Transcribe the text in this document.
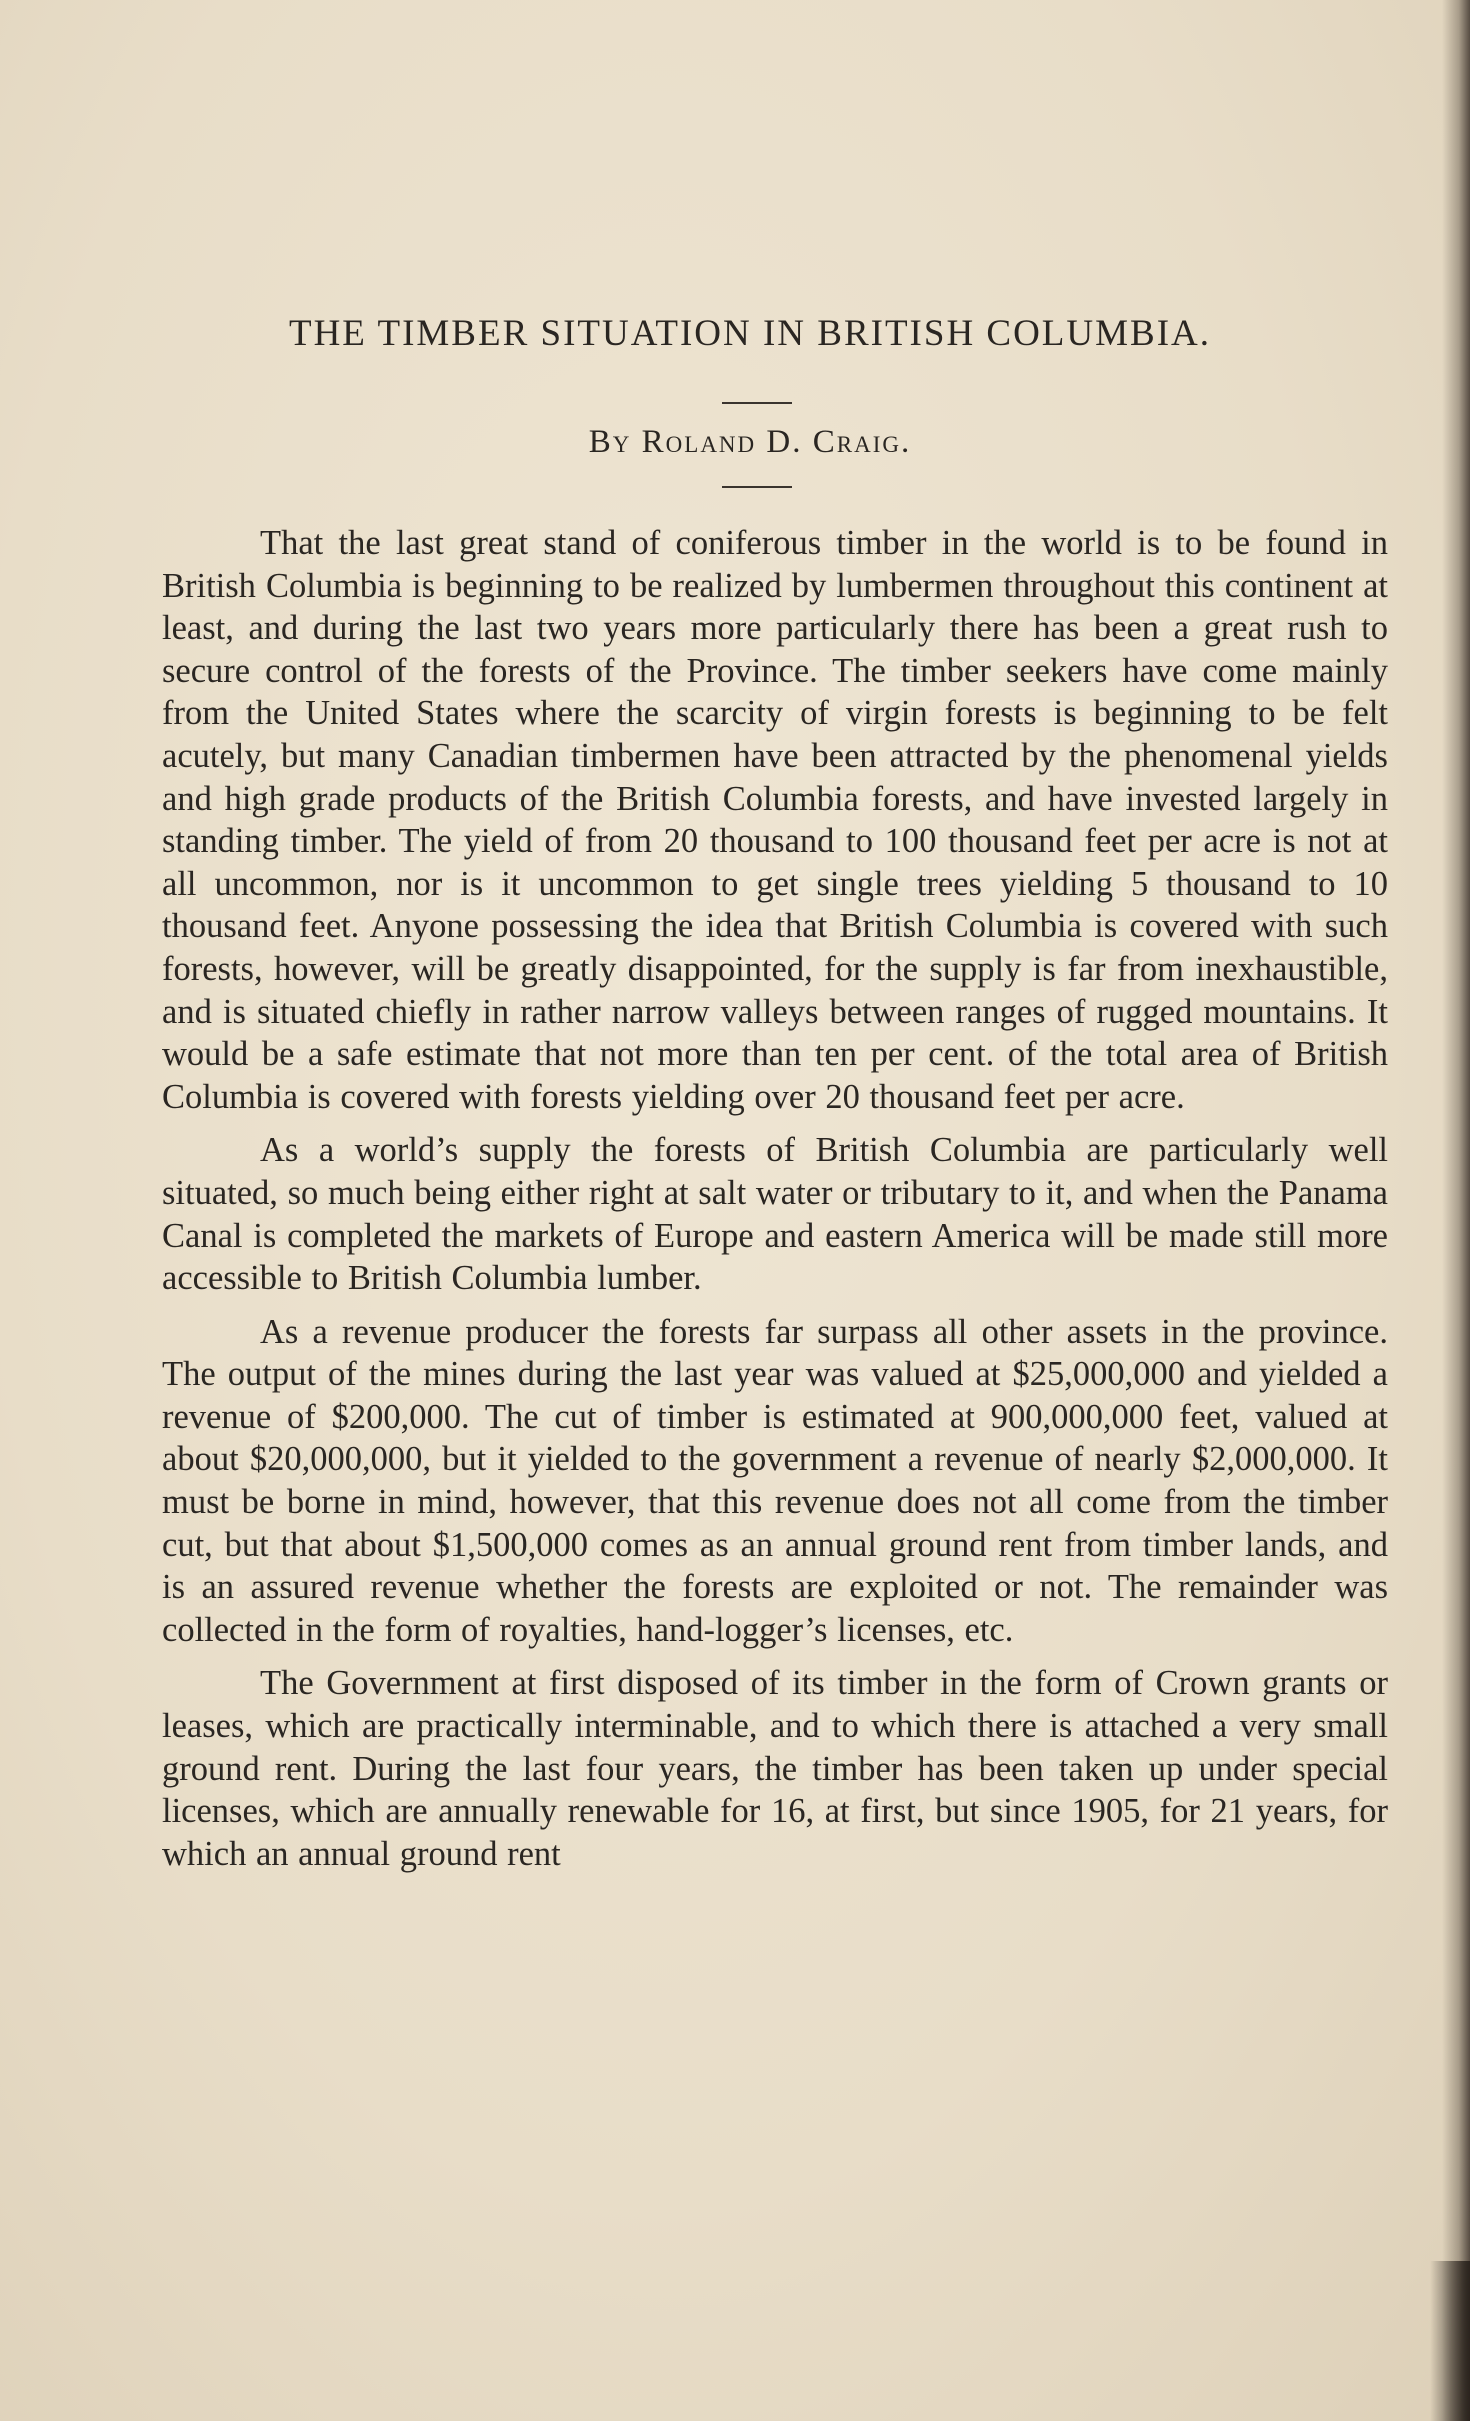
THE TIMBER SITUATION IN BRITISH COLUMBIA.
By Roland D. Craig.

That the last great stand of coniferous timber in the world is to be found in British Columbia is beginning to be realized by lumbermen throughout this continent at least, and during the last two years more particularly there has been a great rush to secure control of the forests of the Province. The timber seekers have come mainly from the United States where the scarcity of virgin forests is beginning to be felt acutely, but many Canadian timbermen have been attracted by the phenomenal yields and high grade products of the British Columbia forests, and have invested largely in standing timber. The yield of from 20 thousand to 100 thousand feet per acre is not at all uncommon, nor is it uncommon to get single trees yielding 5 thousand to 10 thousand feet. Anyone possessing the idea that British Columbia is covered with such forests, however, will be greatly disappointed, for the supply is far from inexhaustible, and is situated chiefly in rather narrow valleys between ranges of rugged mountains. It would be a safe estimate that not more than ten per cent. of the total area of British Columbia is covered with forests yielding over 20 thousand feet per acre.

As a world’s supply the forests of British Columbia are particularly well situated, so much being either right at salt water or tributary to it, and when the Panama Canal is completed the markets of Europe and eastern America will be made still more accessible to British Columbia lumber.

As a revenue producer the forests far surpass all other assets in the province. The output of the mines during the last year was valued at $25,000,000 and yielded a revenue of $200,000. The cut of timber is estimated at 900,000,000 feet, valued at about $20,000,000, but it yielded to the government a revenue of nearly $2,000,000. It must be borne in mind, however, that this revenue does not all come from the timber cut, but that about $1,500,000 comes as an annual ground rent from timber lands, and is an assured revenue whether the forests are exploited or not. The remainder was collected in the form of royalties, hand-logger’s licenses, etc.

The Government at first disposed of its timber in the form of Crown grants or leases, which are practically interminable, and to which there is attached a very small ground rent. During the last four years, the timber has been taken up under special licenses, which are annually renewable for 16, at first, but since 1905, for 21 years, for which an annual ground rent
